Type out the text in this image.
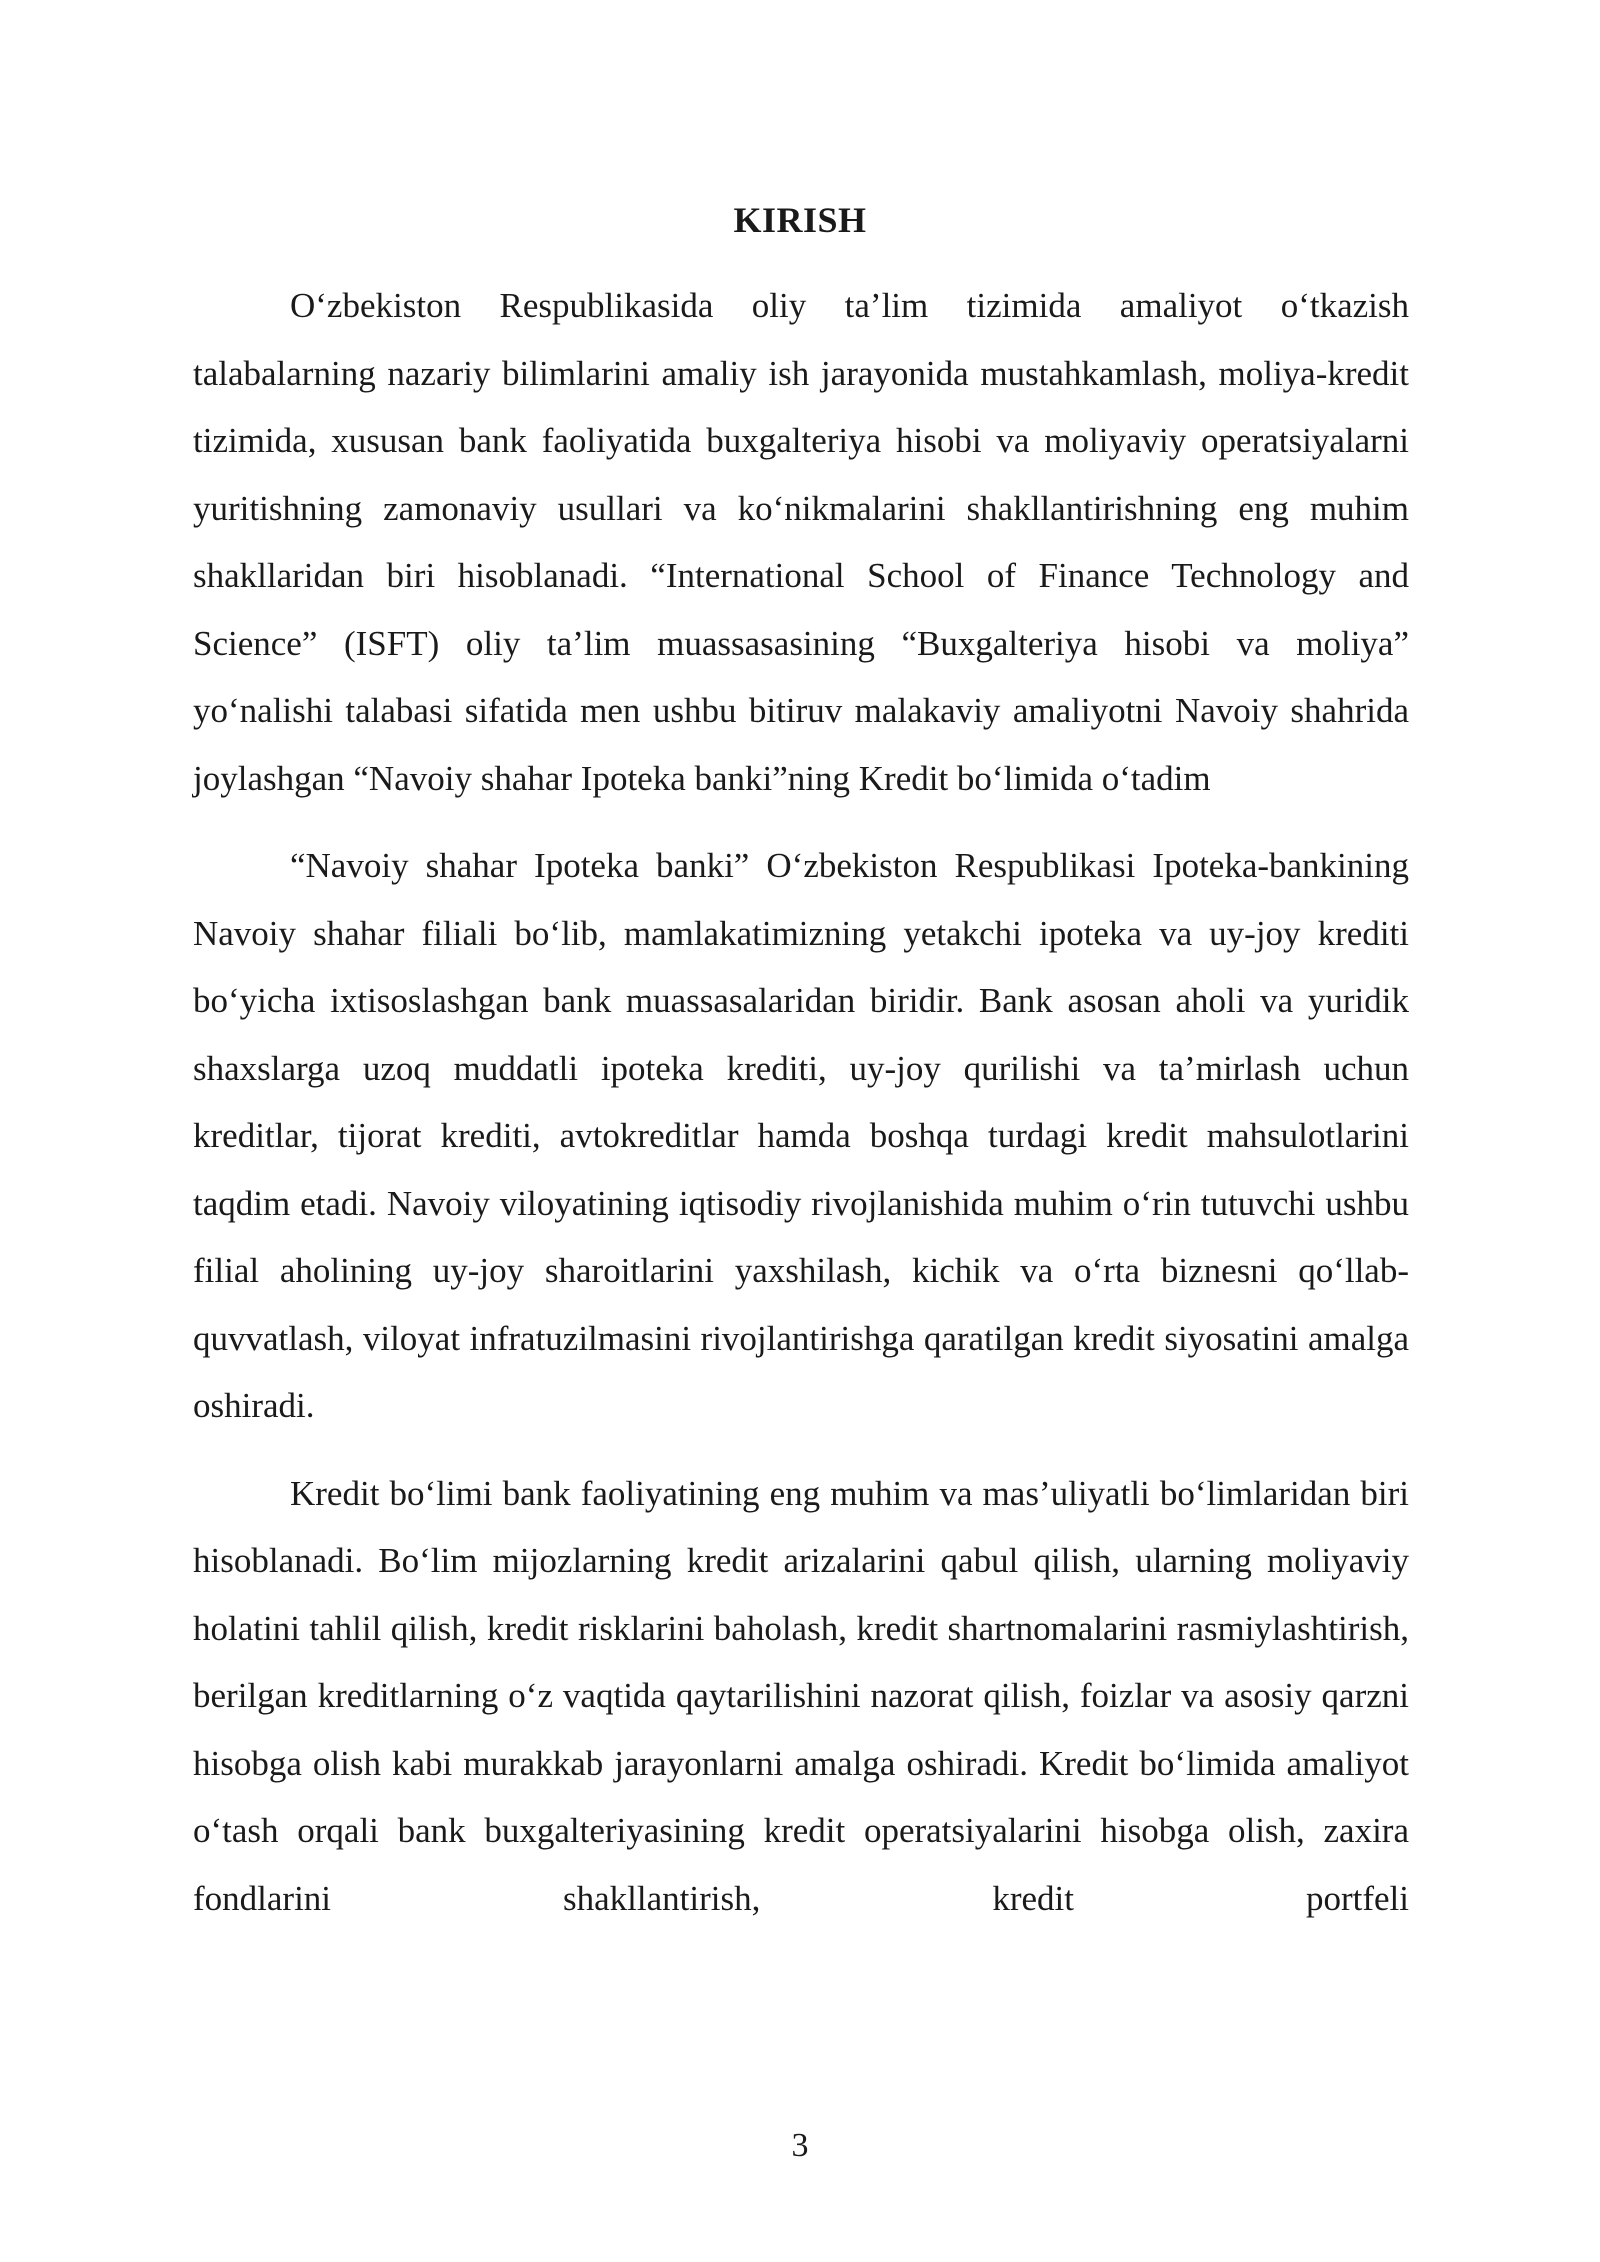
KIRISH

O‘zbekiston Respublikasida oliy ta’lim tizimida amaliyot o‘tkazish talabalarning nazariy bilimlarini amaliy ish jarayonida mustahkamlash, moliya-kredit tizimida, xususan bank faoliyatida buxgalteriya hisobi va moliyaviy operatsiyalarni yuritishning zamonaviy usullari va ko‘nikmalarini shakllantirishning eng muhim shakllaridan biri hisoblanadi. “International School of Finance Technology and Science” (ISFT) oliy ta’lim muassasasining “Buxgalteriya hisobi va moliya” yo‘nalishi talabasi sifatida men ushbu bitiruv malakaviy amaliyotni Navoiy shahrida joylashgan “Navoiy shahar Ipoteka banki”ning Kredit bo‘limida o‘tadim

“Navoiy shahar Ipoteka banki” O‘zbekiston Respublikasi Ipoteka-bankining Navoiy shahar filiali bo‘lib, mamlakatimizning yetakchi ipoteka va uy-joy krediti bo‘yicha ixtisoslashgan bank muassasalaridan biridir. Bank asosan aholi va yuridik shaxslarga uzoq muddatli ipoteka krediti, uy-joy qurilishi va ta’mirlash uchun kreditlar, tijorat krediti, avtokreditlar hamda boshqa turdagi kredit mahsulotlarini taqdim etadi. Navoiy viloyatining iqtisodiy rivojlanishida muhim o‘rin tutuvchi ushbu filial aholining uy-joy sharoitlarini yaxshilash, kichik va o‘rta biznesni qo‘llab-quvvatlash, viloyat infratuzilmasini rivojlantirishga qaratilgan kredit siyosatini amalga oshiradi.

Kredit bo‘limi bank faoliyatining eng muhim va mas’uliyatli bo‘limlaridan biri hisoblanadi. Bo‘lim mijozlarning kredit arizalarini qabul qilish, ularning moliyaviy holatini tahlil qilish, kredit risklarini baholash, kredit shartnomalarini rasmiylashtirish, berilgan kreditlarning o‘z vaqtida qaytarilishini nazorat qilish, foizlar va asosiy qarzni hisobga olish kabi murakkab jarayonlarni amalga oshiradi. Kredit bo‘limida amaliyot o‘tash orqali bank buxgalteriyasining kredit operatsiyalarini hisobga olish, zaxira fondlarini shakllantirish, kredit portfeli

3
